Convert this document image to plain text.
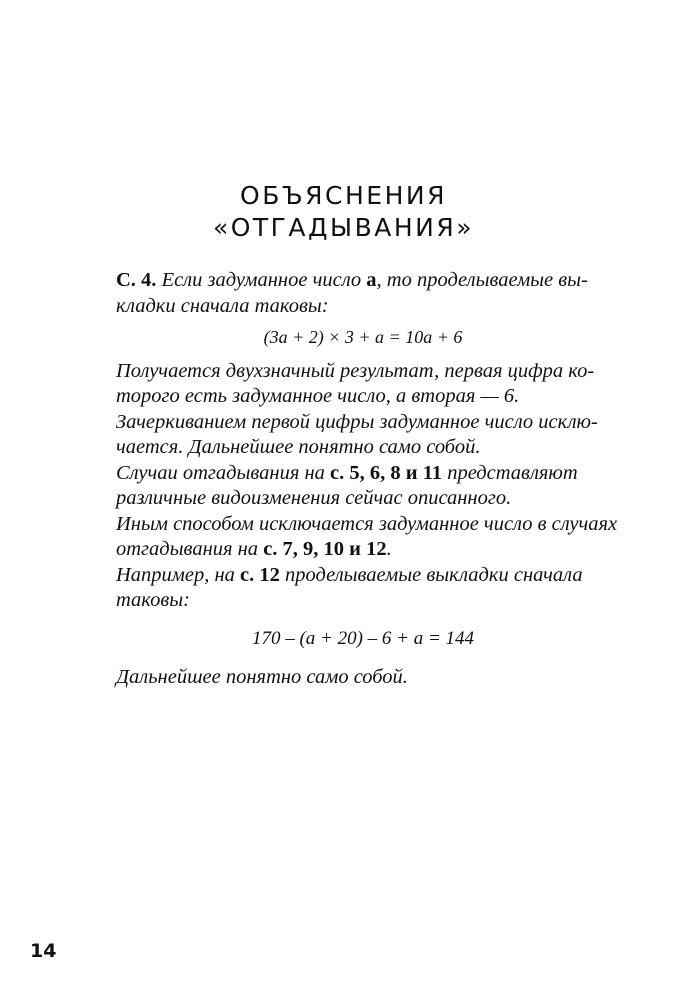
ОБЪЯСНЕНИЯ
«ОТГАДЫВАНИЯ»
С. 4. Если задуманное число а, то проделываемые вы-
кладки сначала таковы:
(3a + 2) × 3 + a = 10a + 6
Получается двухзначный результат, первая цифра ко-
торого есть задуманное число, а вторая — 6.
Зачеркиванием первой цифры задуманное число исклю-
чается. Дальнейшее понятно само собой.
Случаи отгадывания на с. 5, 6, 8 и 11 представляют
различные видоизменения сейчас описанного.
Иным способом исключается задуманное число в случаях
отгадывания на с. 7, 9, 10 и 12.
Например, на с. 12 проделываемые выкладки сначала
таковы:
170 – (a + 20) – 6 + a = 144
Дальнейшее понятно само собой.
14
